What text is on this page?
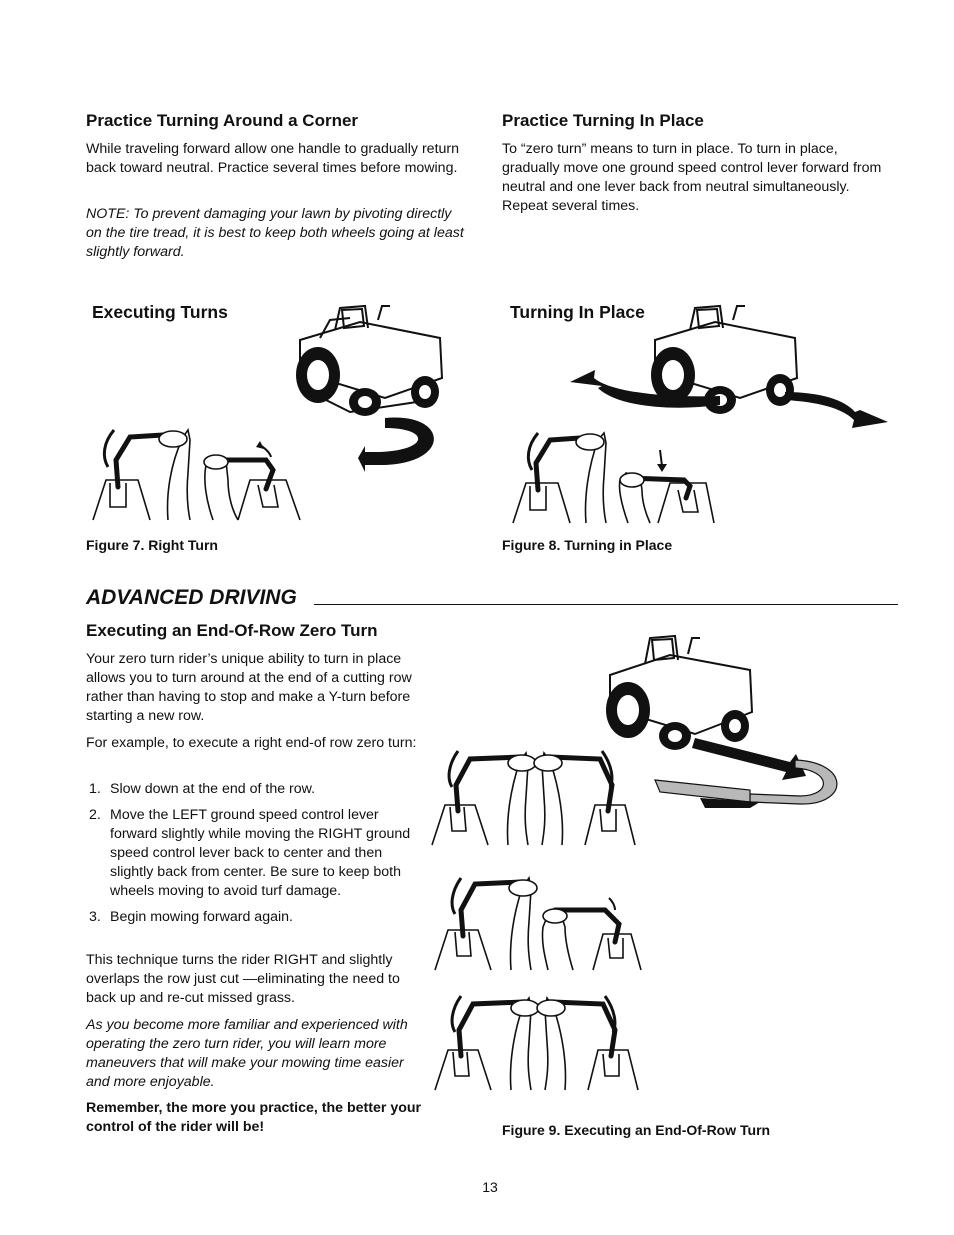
Practice Turning Around a Corner

While traveling forward allow one handle to gradually return back toward neutral. Practice several times before mowing.

NOTE: To prevent damaging your lawn by pivoting directly on the tire tread, it is best to keep both wheels going at least slightly forward.

Practice Turning In Place

To “zero turn” means to turn in place. To turn in place, gradually move one ground speed control lever forward from neutral and one lever back from neutral simultaneously. Repeat several times.

Executing Turns
Figure 7. Right Turn
Turning In Place
Figure 8. Turning in Place
ADVANCED DRIVING
Executing an End-Of-Row Zero Turn

Your zero turn rider’s unique ability to turn in place allows you to turn around at the end of a cutting row rather than having to stop and make a Y-turn before starting a new row.

For example, to execute a right end-of row zero turn:

1. Slow down at the end of the row.
2. Move the LEFT ground speed control lever forward slightly while moving the RIGHT ground speed control lever back to center and then slightly back from center. Be sure to keep both wheels moving to avoid turf damage.
3. Begin mowing forward again.

This technique turns the rider RIGHT and slightly overlaps the row just cut —eliminating the need to back up and re-cut missed grass.

As you become more familiar and experienced with operating the zero turn rider, you will learn more maneuvers that will make your mowing time easier and more enjoyable.

Remember, the more you practice, the better your control of the rider will be!	Figure 9. Executing an End-Of-Row Turn
13
